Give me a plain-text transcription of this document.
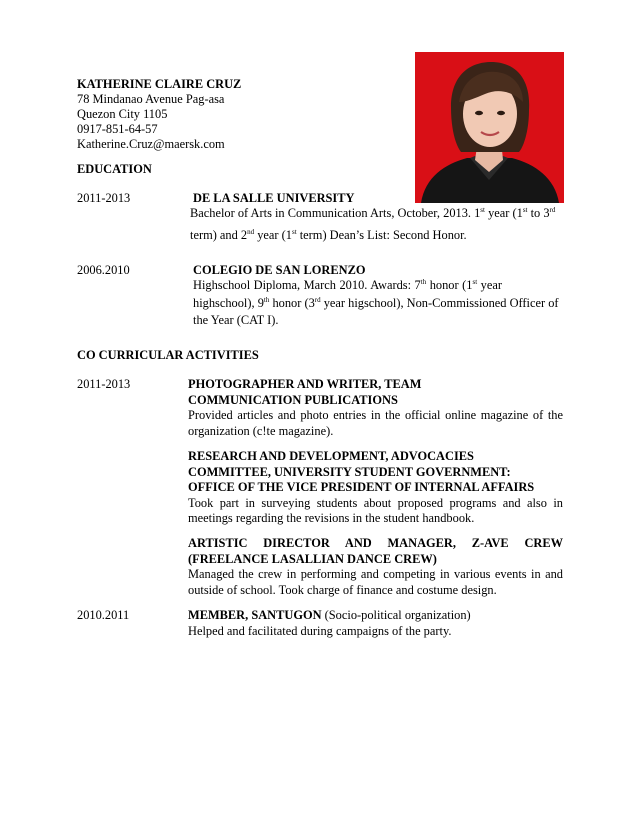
KATHERINE CLAIRE CRUZ
78 Mindanao Avenue Pag-asa
Quezon City 1105
0917-851-64-57
Katherine.Cruz@maersk.com
EDUCATION
2011-2013	DE LA SALLE UNIVERSITY
Bachelor of Arts in Communication Arts, October, 2013. 1st year (1st to 3rd
term) and 2nd year (1st term) Dean’s List: Second Honor.
2006.2010	COLEGIO DE SAN LORENZO
Highschool Diploma, March 2010. Awards: 7th honor (1st year
highschool), 9th honor (3rd year higschool), Non-Commissioned Officer of
the Year (CAT I).
CO CURRICULAR ACTIVITIES
2011-2013	PHOTOGRAPHER AND WRITER, TEAM
COMMUNICATION PUBLICATIONS
Provided articles and photo entries in the official online magazine of the organization (c!te magazine).
RESEARCH AND DEVELOPMENT, ADVOCACIES
COMMITTEE, UNIVERSITY STUDENT GOVERNMENT:
OFFICE OF THE VICE PRESIDENT OF INTERNAL AFFAIRS
Took part in surveying students about proposed programs and also in meetings regarding the revisions in the student handbook.
ARTISTIC DIRECTOR AND MANAGER, Z-AVE CREW
(FREELANCE LASALLIAN DANCE CREW)
Managed the crew in performing and competing in various events in and outside of school. Took charge of finance and costume design.
2010.2011	MEMBER, SANTUGON (Socio-political organization)
Helped and facilitated during campaigns of the party.
